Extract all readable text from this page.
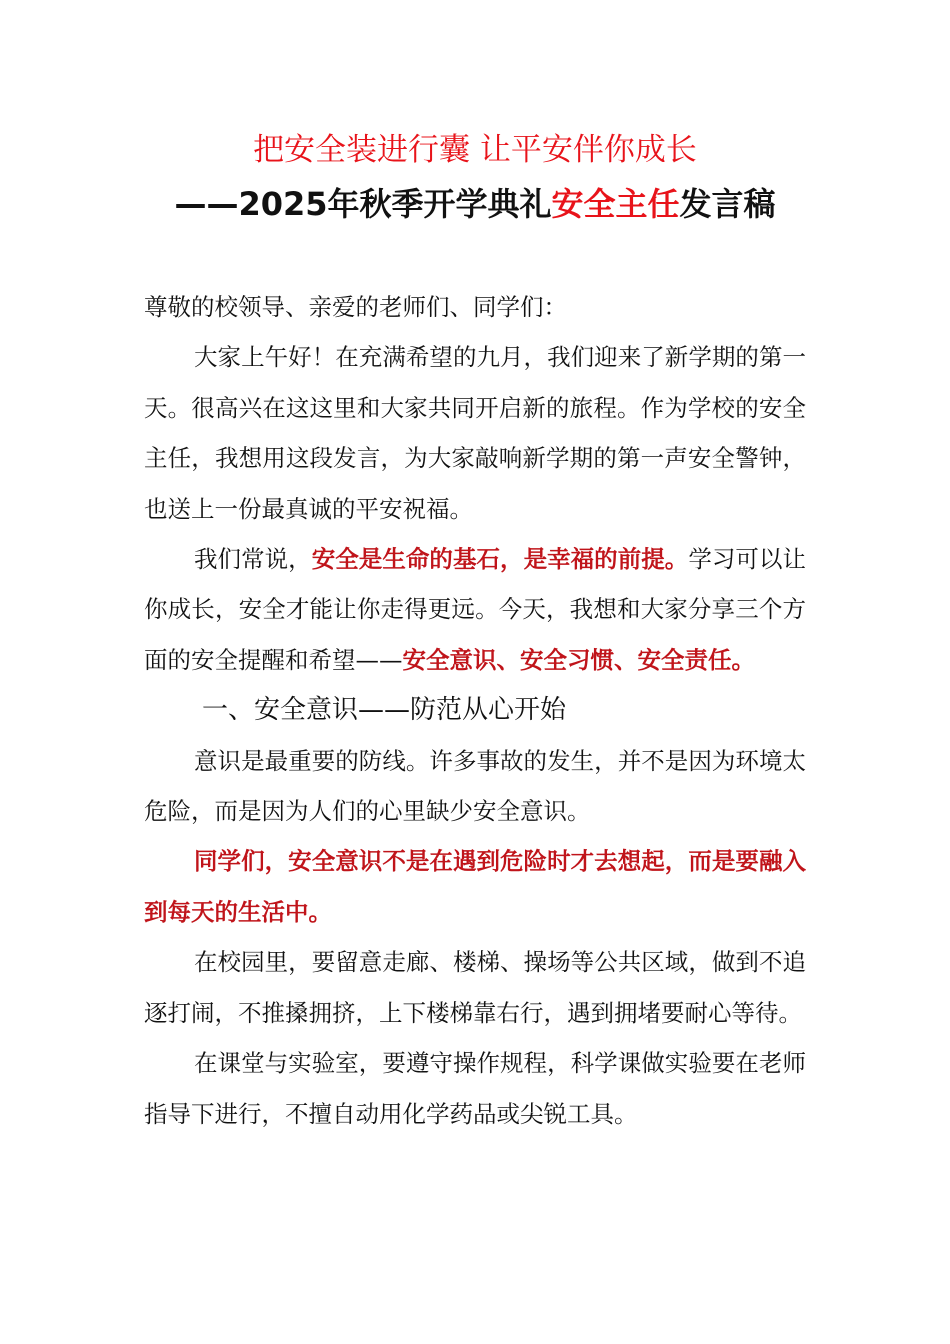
把安全装进行囊 让平安伴你成长
——2025年秋季开学典礼安全主任发言稿

尊敬的校领导、亲爱的老师们、同学们：

大家上午好！在充满希望的九月，我们迎来了新学期的第一天。很高兴在这这里和大家共同开启新的旅程。作为学校的安全主任，我想用这段发言，为大家敲响新学期的第一声安全警钟，也送上一份最真诚的平安祝福。

我们常说，安全是生命的基石，是幸福的前提。学习可以让你成长，安全才能让你走得更远。今天，我想和大家分享三个方面的安全提醒和希望——安全意识、安全习惯、安全责任。

一、安全意识——防范从心开始

意识是最重要的防线。许多事故的发生，并不是因为环境太危险，而是因为人们的心里缺少安全意识。

同学们，安全意识不是在遇到危险时才去想起，而是要融入到每天的生活中。

在校园里，要留意走廊、楼梯、操场等公共区域，做到不追逐打闹，不推搡拥挤，上下楼梯靠右行，遇到拥堵要耐心等待。

在课堂与实验室，要遵守操作规程，科学课做实验要在老师指导下进行，不擅自动用化学药品或尖锐工具。
